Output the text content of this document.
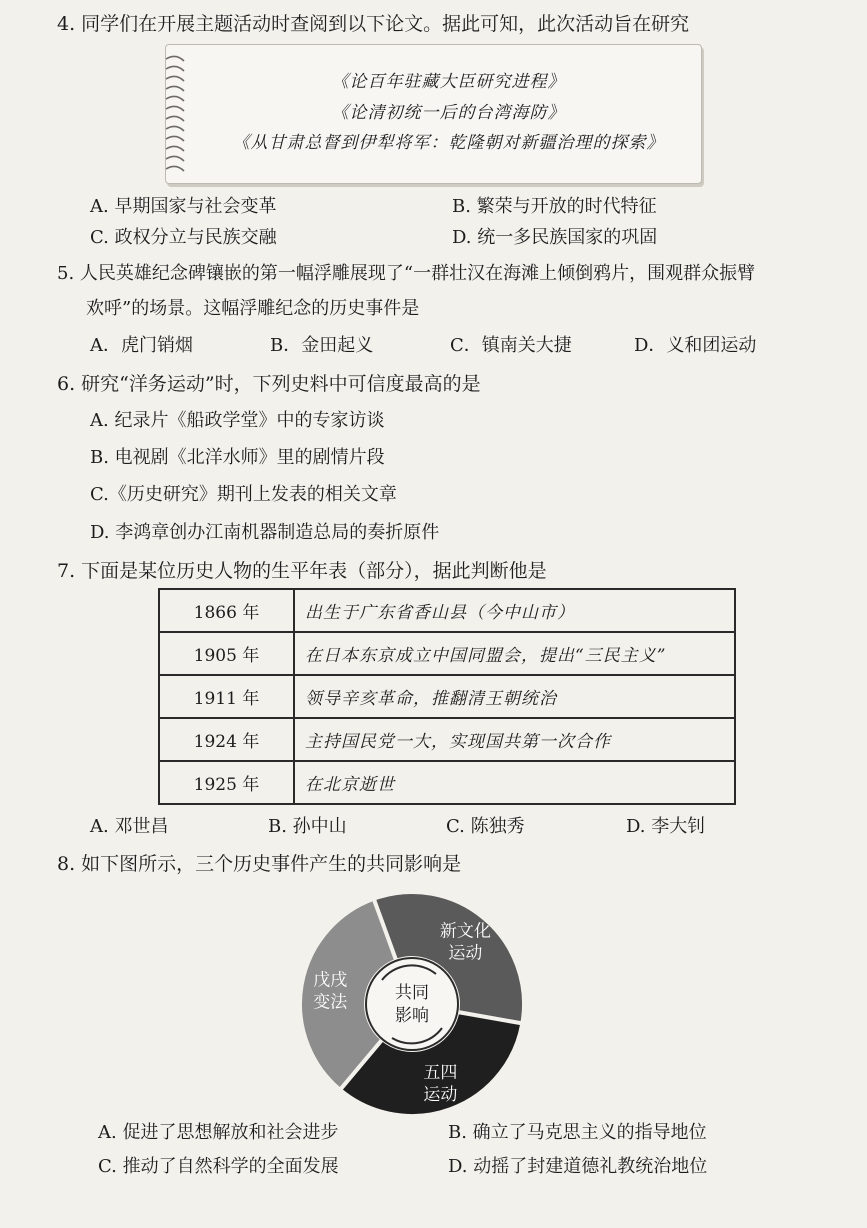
4. 同学们在开展主题活动时查阅到以下论文。据此可知，此次活动旨在研究
《论百年驻藏大臣研究进程》
《论清初统一后的台湾海防》
《从甘肃总督到伊犁将军：乾隆朝对新疆治理的探索》
A. 早期国家与社会变革	B. 繁荣与开放的时代特征
C. 政权分立与民族交融	D. 统一多民族国家的巩固
5. 人民英雄纪念碑镶嵌的第一幅浮雕展现了“一群壮汉在海滩上倾倒鸦片，围观群众振臂
欢呼”的场景。这幅浮雕纪念的历史事件是
A．虎门销烟	B．金田起义	C．镇南关大捷	D．义和团运动
6. 研究“洋务运动”时，下列史料中可信度最高的是
A. 纪录片《船政学堂》中的专家访谈
B. 电视剧《北洋水师》里的剧情片段
C.《历史研究》期刊上发表的相关文章
D. 李鸿章创办江南机器制造总局的奏折原件
7. 下面是某位历史人物的生平年表（部分），据此判断他是
1866 年	出生于广东省香山县（今中山市）
1905 年	在日本东京成立中国同盟会，提出“三民主义”
1911 年	领导辛亥革命，推翻清王朝统治
1924 年	主持国民党一大，实现国共第一次合作
1925 年	在北京逝世
A. 邓世昌	B. 孙中山	C. 陈独秀	D. 李大钊
8. 如下图所示，三个历史事件产生的共同影响是
新文化
运动
五四
运动
戊戌
变法	共同
影响
A. 促进了思想解放和社会进步	B. 确立了马克思主义的指导地位
C. 推动了自然科学的全面发展	D. 动摇了封建道德礼教统治地位
